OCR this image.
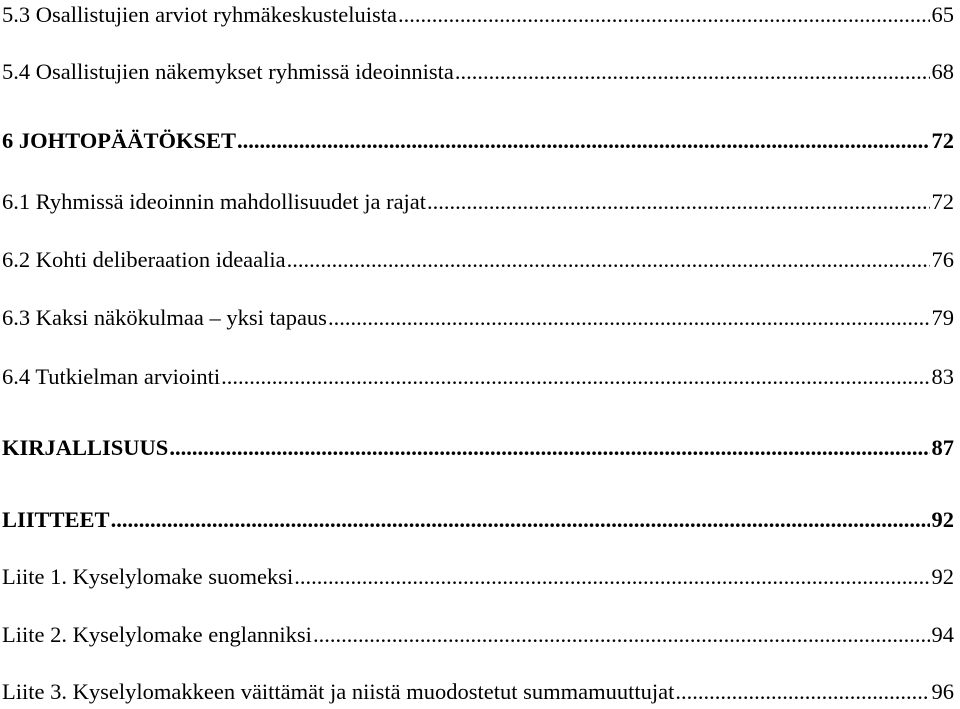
5.3 Osallistujien arviot ryhmäkeskusteluista .....	65
5.4 Osallistujien näkemykset ryhmissä ideoinnista .....	68
6 JOHTOPÄÄTÖKSET .....	72
6.1 Ryhmissä ideoinnin mahdollisuudet ja rajat .....	72
6.2 Kohti deliberaation ideaalia .....	76
6.3 Kaksi näkökulmaa – yksi tapaus .....	79
6.4 Tutkielman arviointi .....	83
KIRJALLISUUS .....	87
LIITTEET .....	92
Liite 1. Kyselylomake suomeksi .....	92
Liite 2. Kyselylomake englanniksi .....	94
Liite 3. Kyselylomakkeen väittämät ja niistä muodostetut summamuuttujat .....	96
